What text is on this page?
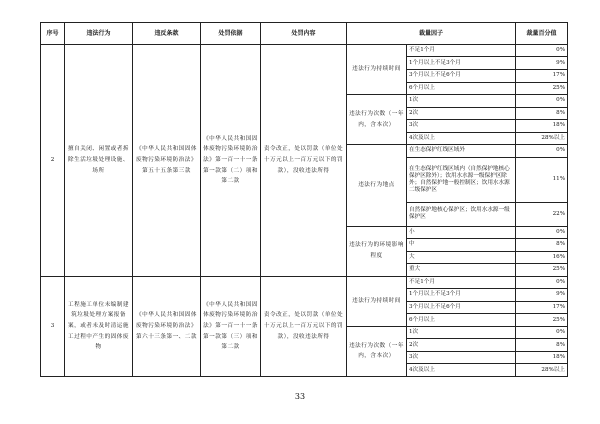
序号	违法行为	违反条款	处罚依据	处罚内容	裁量因子		裁量百分值
2	擅自关闭、闲置或者拆除生活垃圾处理设施、场所	《中华人民共和国固体废物污染环境防治法》第五十五条第三款	《中华人民共和国固体废物污染环境防治法》第一百一十一条第一款第（二）项和第二款	责令改正，处以罚款（单位处十万元以上一百万元以下的罚款），没收违法所得	违法行为持续时间	不足1个月	0%
						1个月以上不足3个月	9%
						3个月以上不足6个月	17%
						6个月以上	25%
					违法行为次数（一年内，含本次）	1次	0%
						2次	8%
						3次	18%
						4次及以上	28%以上
					违法行为地点	在生态保护红线区域外	0%
						在生态保护红线区域内（自然保护地核心保护区除外）；饮用水水源一级保护区除外；自然保护地一般控制区；饮用水水源二级保护区	11%
						自然保护地核心保护区；饮用水水源一级保护区	22%
					违法行为的环境影响程度	小	0%
						中	8%
						大	16%
						重大	25%
3	工程施工单位未编制建筑垃圾处理方案报备案，或者未及时清运施工过程中产生的固体废物	《中华人民共和国固体废物污染环境防治法》第六十三条第一、二款	《中华人民共和国固体废物污染环境防治法》第一百一十一条第一款第（三）项和第二款	责令改正，处以罚款（单位处十万元以上一百万元以下的罚款），没收违法所得	违法行为持续时间	不足1个月	0%
						1个月以上不足3个月	9%
						3个月以上不足6个月	17%
						6个月以上	25%
					违法行为次数（一年内，含本次）	1次	0%
						2次	8%
						3次	18%
						4次及以上	28%以上
33
